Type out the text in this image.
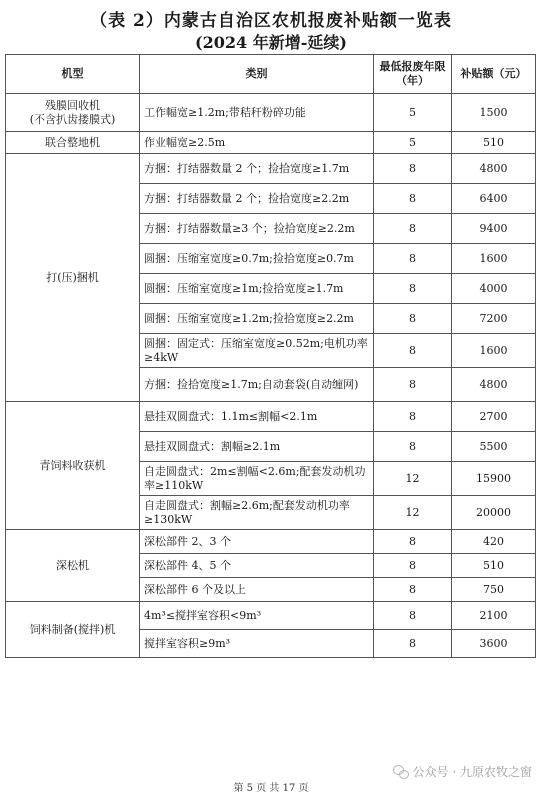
（表 2）内蒙古自治区农机报废补贴额一览表
(2024 年新增-延续)
机型	类别	最低报废年限（年）	补贴额（元）
残膜回收机
(不含扒齿搂膜式)	工作幅宽≥1.2m;带秸秆粉碎功能	5	1500
联合整地机	作业幅宽≥2.5m	5	510
打(压)捆机	方捆：打结器数量 2 个；捡拾宽度≥1.7m	8	4800
	方捆：打结器数量 2 个；捡拾宽度≥2.2m	8	6400
	方捆：打结器数量≥3 个；捡拾宽度≥2.2m	8	9400
	圆捆：压缩室宽度≥0.7m;捡拾宽度≥0.7m	8	1600
	圆捆：压缩室宽度≥1m;捡拾宽度≥1.7m	8	4000
	圆捆：压缩室宽度≥1.2m;捡拾宽度≥2.2m	8	7200
	圆捆：固定式：压缩室宽度≥0.52m;电机功率≥4kW	8	1600
	方捆：捡拾宽度≥1.7m;自动套袋(自动缠网)	8	4800
青饲料收获机	悬挂双圆盘式：1.1m≤割幅<2.1m	8	2700
	悬挂双圆盘式：割幅≥2.1m	8	5500
	自走圆盘式：2m≤割幅<2.6m;配套发动机功率≥110kW	12	15900
	自走圆盘式：割幅≥2.6m;配套发动机功率≥130kW	12	20000
深松机	深松部件 2、3 个	8	420
	深松部件 4、5 个	8	510
	深松部件 6 个及以上	8	750
饲料制备(搅拌)机	4m³≤搅拌室容积<9m³	8	2100
	搅拌室容积≥9m³	8	3600
第 5 页 共 17 页
公众号 · 九原农牧之窗
